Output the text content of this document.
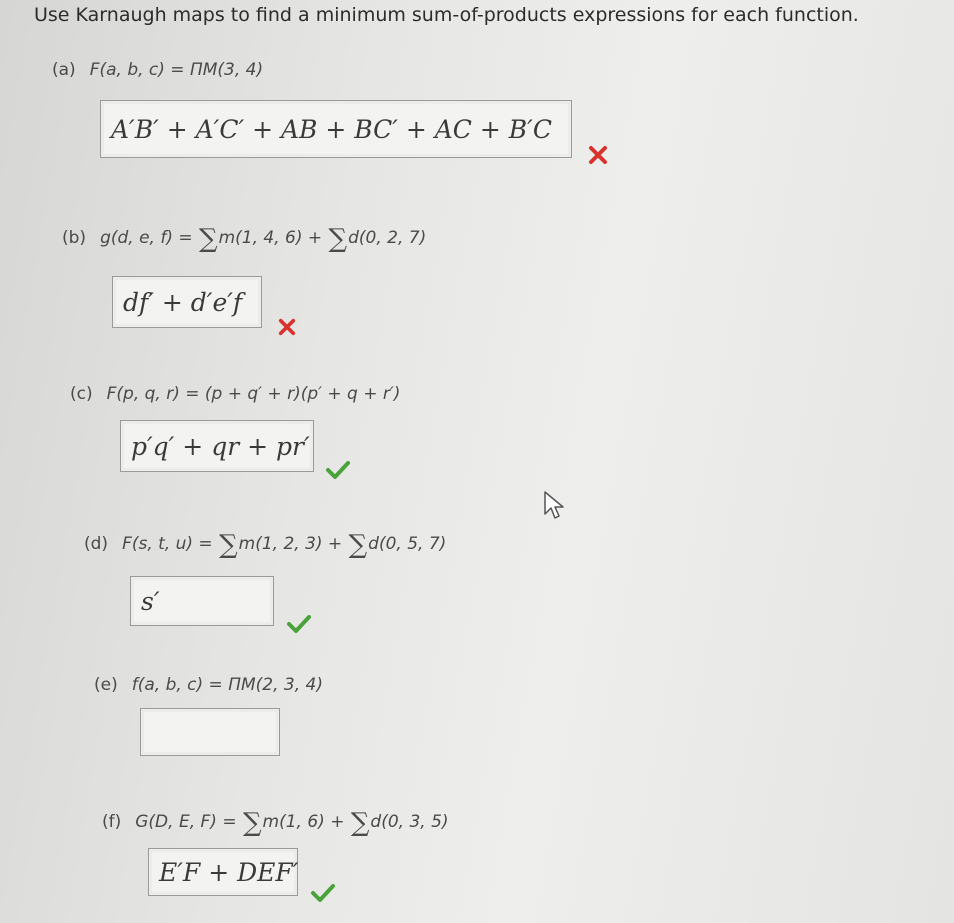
Use Karnaugh maps to find a minimum sum-of-products expressions for each function.
(a) F(a, b, c) = ΠM(3, 4)
A′B′ + A′C′ + AB + BC′ + AC + B′C
(b) g(d, e, f) = ∑m(1, 4, 6) + ∑d(0, 2, 7)
df′ + d′e′f
(c) F(p, q, r) = (p + q′ + r)(p′ + q + r′)
p′q′ + qr + pr′
(d) F(s, t, u) = ∑m(1, 2, 3) + ∑d(0, 5, 7)
s′
(e) f(a, b, c) = ΠM(2, 3, 4)
(f) G(D, E, F) = ∑m(1, 6) + ∑d(0, 3, 5)
E′F + DEF′
